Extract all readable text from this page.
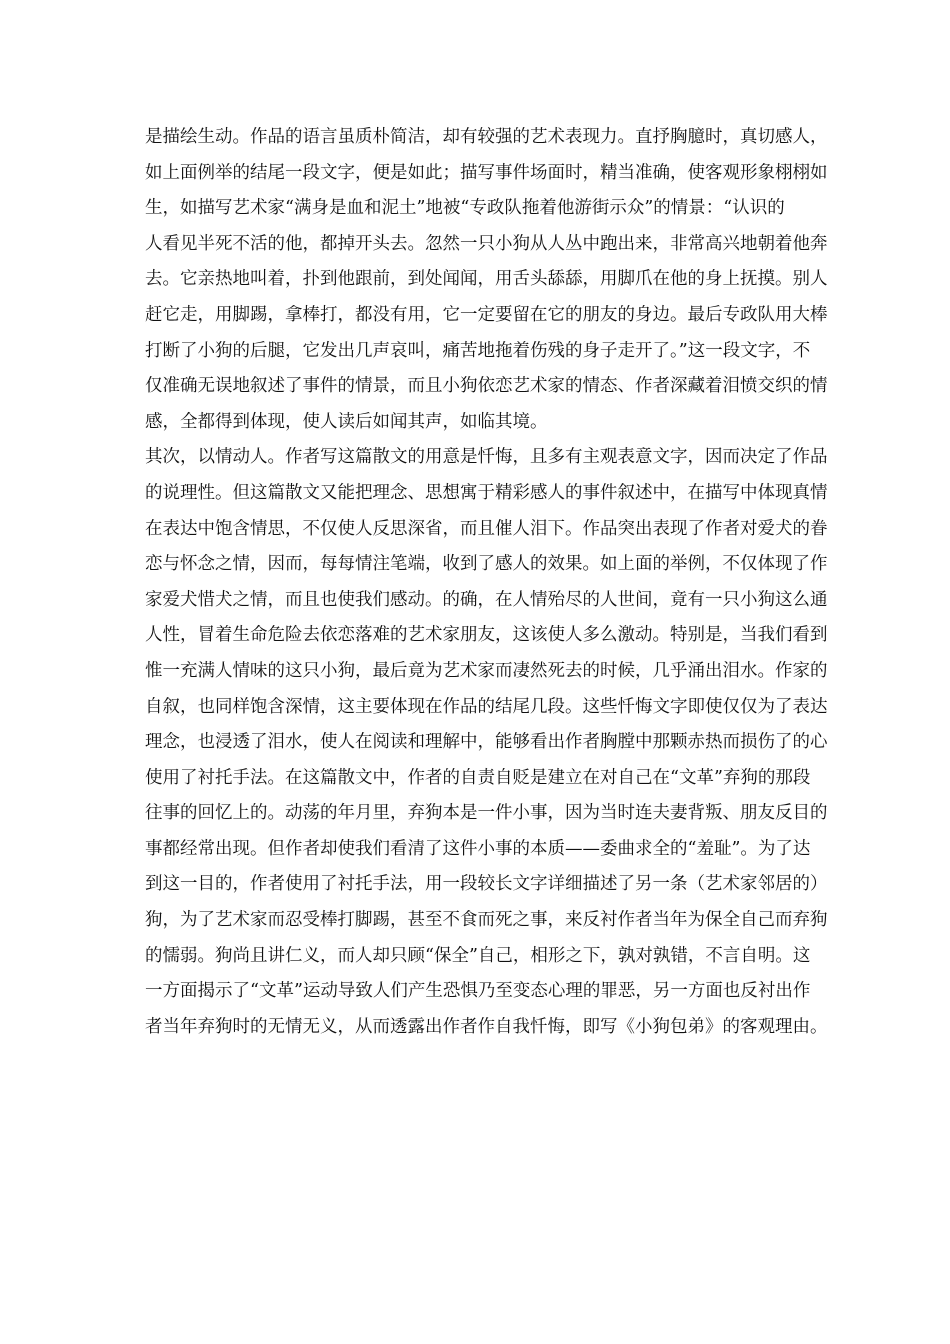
是描绘生动。作品的语言虽质朴简洁，却有较强的艺术表现力。直抒胸臆时，真切感人，
如上面例举的结尾一段文字，便是如此；描写事件场面时，精当准确，使客观形象栩栩如
生，如描写艺术家“满身是血和泥土”地被“专政队拖着他游街示众”的情景：“认识的
人看见半死不活的他，都掉开头去。忽然一只小狗从人丛中跑出来，非常高兴地朝着他奔
去。它亲热地叫着，扑到他跟前，到处闻闻，用舌头舔舔，用脚爪在他的身上抚摸。别人
赶它走，用脚踢，拿棒打，都没有用，它一定要留在它的朋友的身边。最后专政队用大棒
打断了小狗的后腿，它发出几声哀叫，痛苦地拖着伤残的身子走开了。”这一段文字，不
仅准确无误地叙述了事件的情景，而且小狗依恋艺术家的情态、作者深藏着泪愤交织的情
感，全都得到体现，使人读后如闻其声，如临其境。
其次，以情动人。作者写这篇散文的用意是忏悔，且多有主观表意文字，因而决定了作品
的说理性。但这篇散文又能把理念、思想寓于精彩感人的事件叙述中，在描写中体现真情
在表达中饱含情思，不仅使人反思深省，而且催人泪下。作品突出表现了作者对爱犬的眷
恋与怀念之情，因而，每每情注笔端，收到了感人的效果。如上面的举例，不仅体现了作
家爱犬惜犬之情，而且也使我们感动。的确，在人情殆尽的人世间，竟有一只小狗这么通
人性，冒着生命危险去依恋落难的艺术家朋友，这该使人多么激动。特别是，当我们看到
惟一充满人情味的这只小狗，最后竟为艺术家而凄然死去的时候，几乎涌出泪水。作家的
自叙，也同样饱含深情，这主要体现在作品的结尾几段。这些忏悔文字即使仅仅为了表达
理念，也浸透了泪水，使人在阅读和理解中，能够看出作者胸膛中那颗赤热而损伤了的心
使用了衬托手法。在这篇散文中，作者的自责自贬是建立在对自己在“文革”弃狗的那段
往事的回忆上的。动荡的年月里，弃狗本是一件小事，因为当时连夫妻背叛、朋友反目的
事都经常出现。但作者却使我们看清了这件小事的本质——委曲求全的“羞耻”。为了达
到这一目的，作者使用了衬托手法，用一段较长文字详细描述了另一条（艺术家邻居的）
狗，为了艺术家而忍受棒打脚踢，甚至不食而死之事，来反衬作者当年为保全自己而弃狗
的懦弱。狗尚且讲仁义，而人却只顾“保全”自己，相形之下，孰对孰错，不言自明。这
一方面揭示了“文革”运动导致人们产生恐惧乃至变态心理的罪恶，另一方面也反衬出作
者当年弃狗时的无情无义，从而透露出作者作自我忏悔，即写《小狗包弟》的客观理由。
